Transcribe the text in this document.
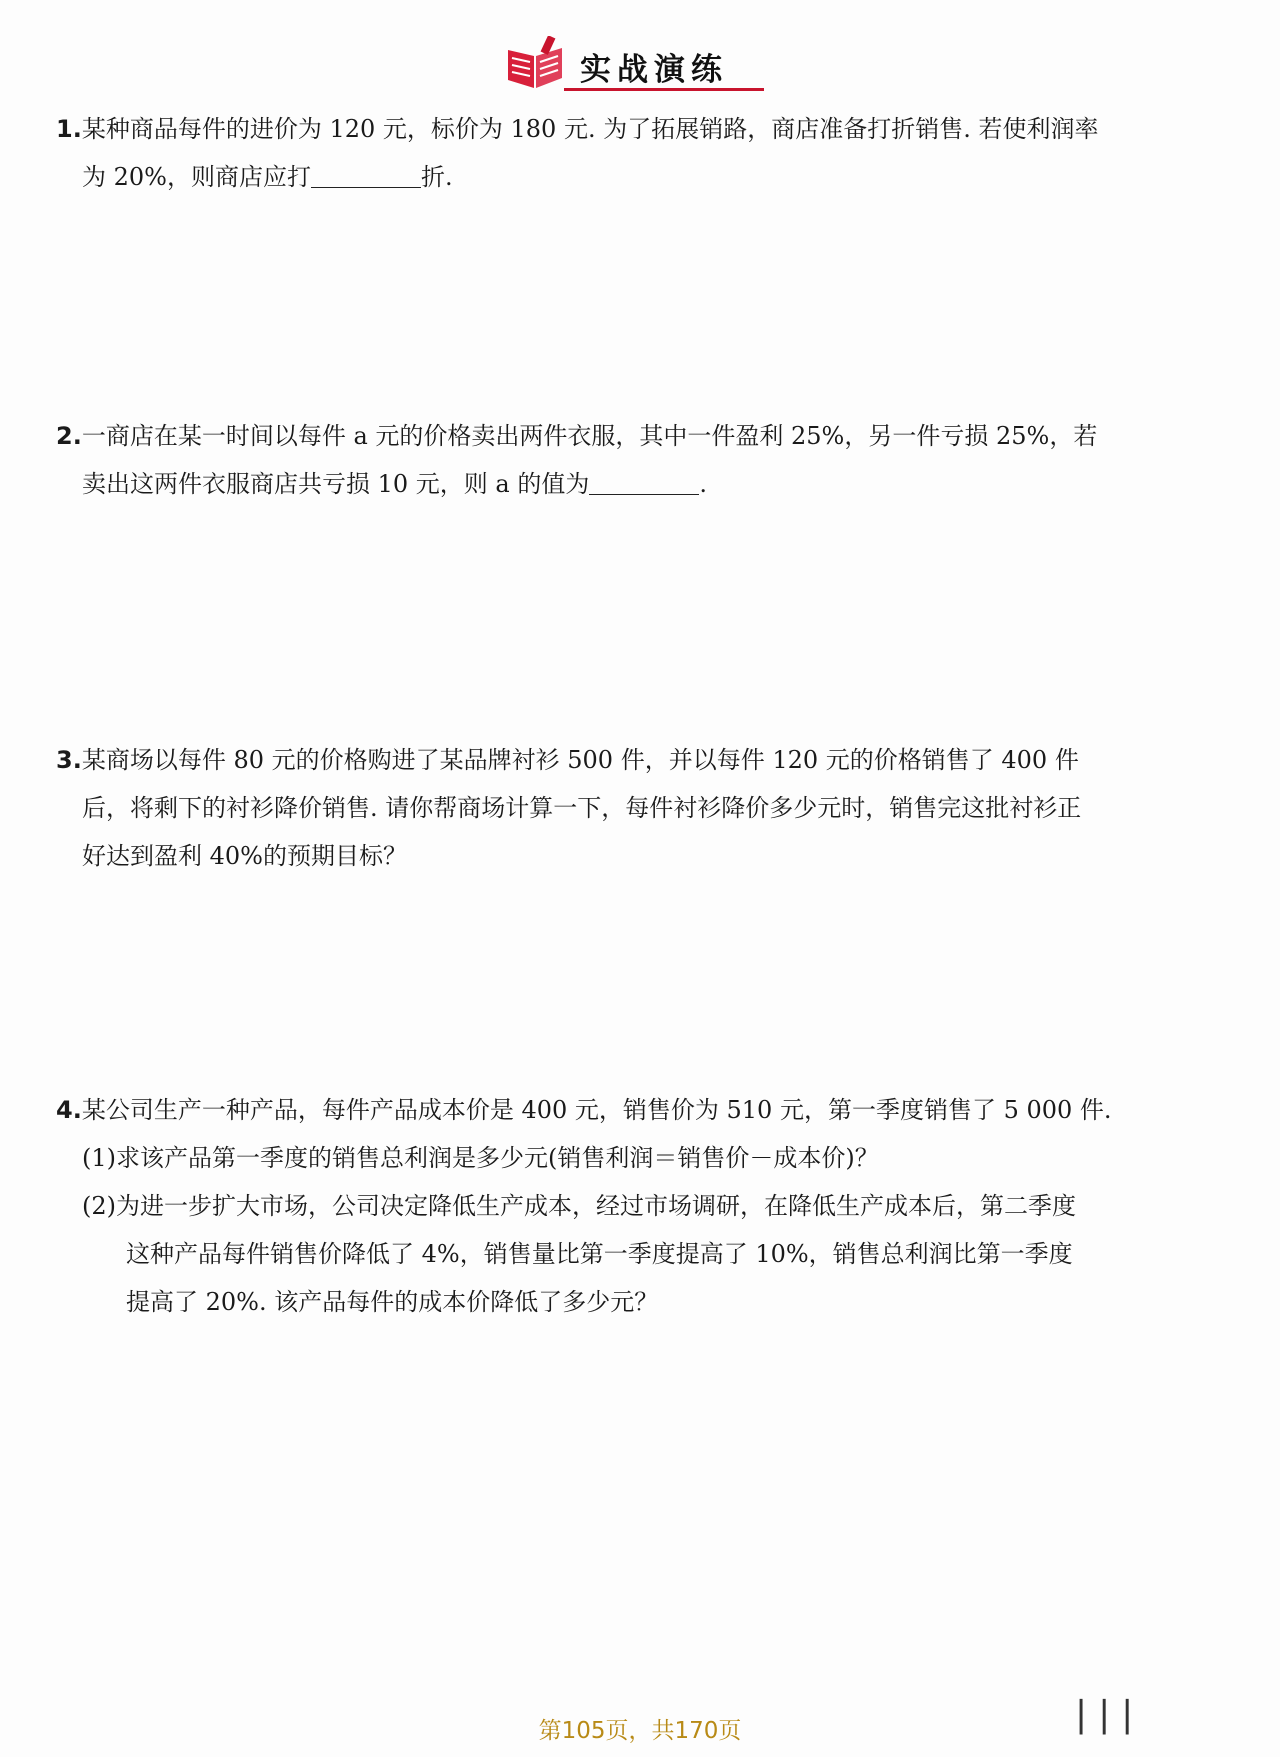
实战演练

1.某种商品每件的进价为 120 元，标价为 180 元. 为了拓展销路，商店准备打折销售. 若使利润率

为 20%，则商店应打	折.

2.一商店在某一时间以每件 a 元的价格卖出两件衣服，其中一件盈利 25%，另一件亏损 25%，若

卖出这两件衣服商店共亏损 10 元，则 a 的值为	.

3.某商场以每件 80 元的价格购进了某品牌衬衫 500 件，并以每件 120 元的价格销售了 400 件

后，将剩下的衬衫降价销售. 请你帮商场计算一下，每件衬衫降价多少元时，销售完这批衬衫正

好达到盈利 40%的预期目标？

4.某公司生产一种产品，每件产品成本价是 400 元，销售价为 510 元，第一季度销售了 5 000 件.

(1)求该产品第一季度的销售总利润是多少元(销售利润＝销售价－成本价)？

(2)为进一步扩大市场，公司决定降低生产成本，经过市场调研，在降低生产成本后，第二季度

这种产品每件销售价降低了 4%，销售量比第一季度提高了 10%，销售总利润比第一季度

提高了 20%. 该产品每件的成本价降低了多少元？

第105页，共170页	▏▏▏
